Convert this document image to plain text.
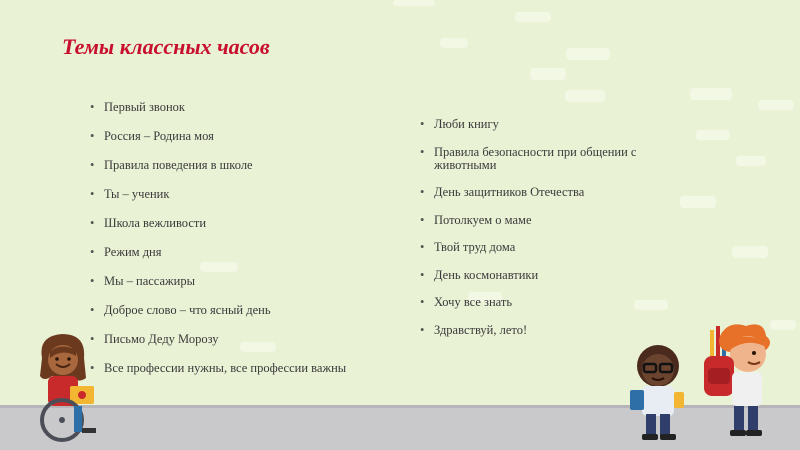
Темы классных часов
• Первый звонок
• Россия – Родина моя
• Правила поведения в школе
• Ты – ученик
• Школа вежливости
• Режим дня
• Мы – пассажиры
• Доброе слово – что ясный день
• Письмо Деду Морозу
• Все профессии нужны, все профессии важны
• Люби книгу
• Правила безопасности при общении с животными
• День защитников Отечества
• Потолкуем о маме
• Твой труд дома
• День космонавтики
• Хочу все знать
• Здравствуй, лето!
